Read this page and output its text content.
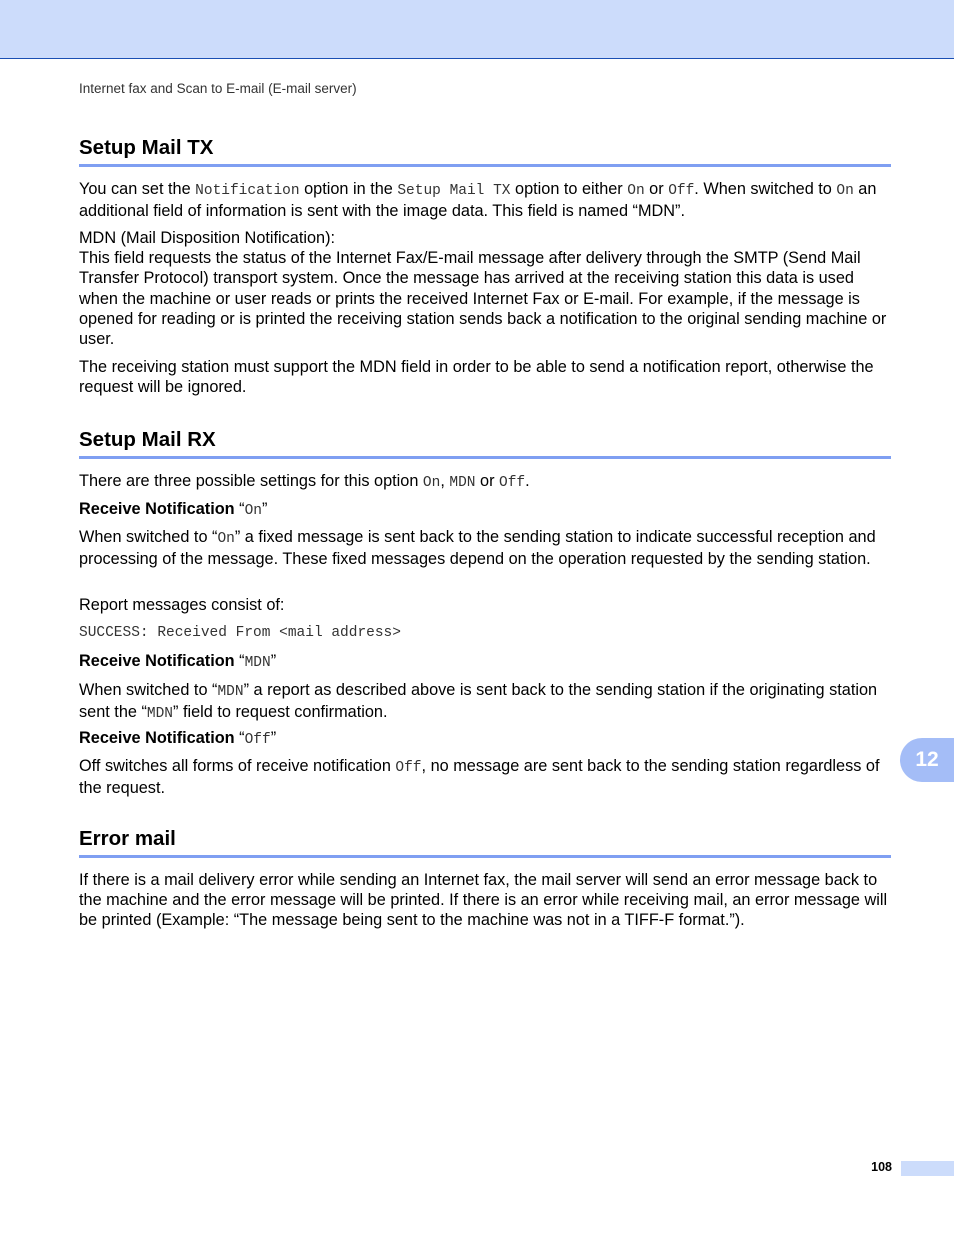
Internet fax and Scan to E-mail (E-mail server)
Setup Mail TX

You can set the Notification option in the Setup Mail TX option to either On or Off. When switched to On an additional field of information is sent with the image data. This field is named “MDN”.

MDN (Mail Disposition Notification):
This field requests the status of the Internet Fax/E-mail message after delivery through the SMTP (Send Mail Transfer Protocol) transport system. Once the message has arrived at the receiving station this data is used when the machine or user reads or prints the received Internet Fax or E-mail. For example, if the message is opened for reading or is printed the receiving station sends back a notification to the original sending machine or user.

The receiving station must support the MDN field in order to be able to send a notification report, otherwise the request will be ignored.

Setup Mail RX

There are three possible settings for this option On, MDN or Off.

Receive Notification “On”

When switched to “On” a fixed message is sent back to the sending station to indicate successful reception and processing of the message. These fixed messages depend on the operation requested by the sending station.

Report messages consist of:

SUCCESS: Received From <mail address>

Receive Notification “MDN”

When switched to “MDN” a report as described above is sent back to the sending station if the originating station sent the “MDN” field to request confirmation.

Receive Notification “Off”

Off switches all forms of receive notification Off, no message are sent back to the sending station regardless of the request.

Error mail

If there is a mail delivery error while sending an Internet fax, the mail server will send an error message back to the machine and the error message will be printed. If there is an error while receiving mail, an error message will be printed (Example: “The message being sent to the machine was not in a TIFF-F format.”).

12
108
